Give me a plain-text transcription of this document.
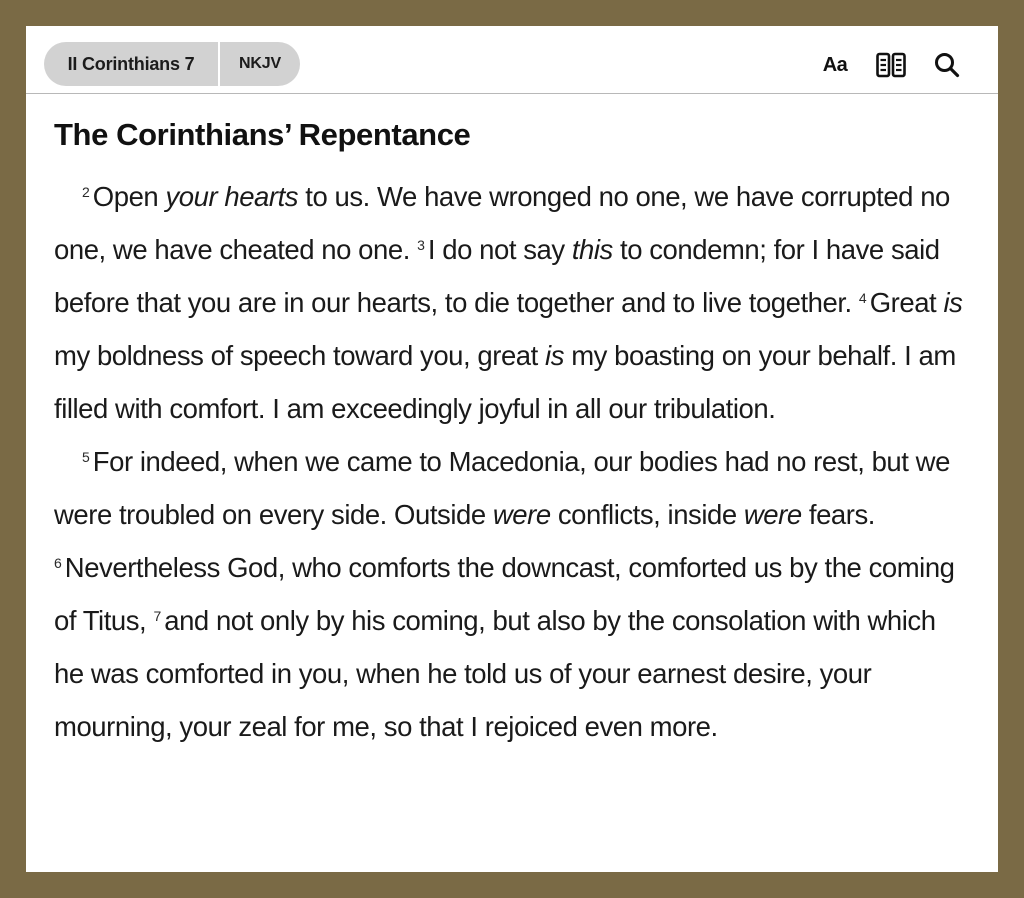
II Corinthians 7	NKJV	Aa
The Corinthians’ Repentance

$^2$ Open your hearts to us. We have wronged no one, we have corrupted no one, we have cheated no one. $^3$ I do not say this to condemn; for I have said before that you are in our hearts, to die together and to live together. $^4$ Great is my boldness of speech toward you, great is my boasting on your behalf. I am filled with comfort. I am exceedingly joyful in all our tribulation.

$^5$ For indeed, when we came to Macedonia, our bodies had no rest, but we were troubled on every side. Outside were conflicts, inside were fears. $^6$ Nevertheless God, who comforts the downcast, comforted us by the coming of Titus, $^7$ and not only by his coming, but also by the consolation with which he was comforted in you, when he told us of your earnest desire, your mourning, your zeal for me, so that I rejoiced even more.
